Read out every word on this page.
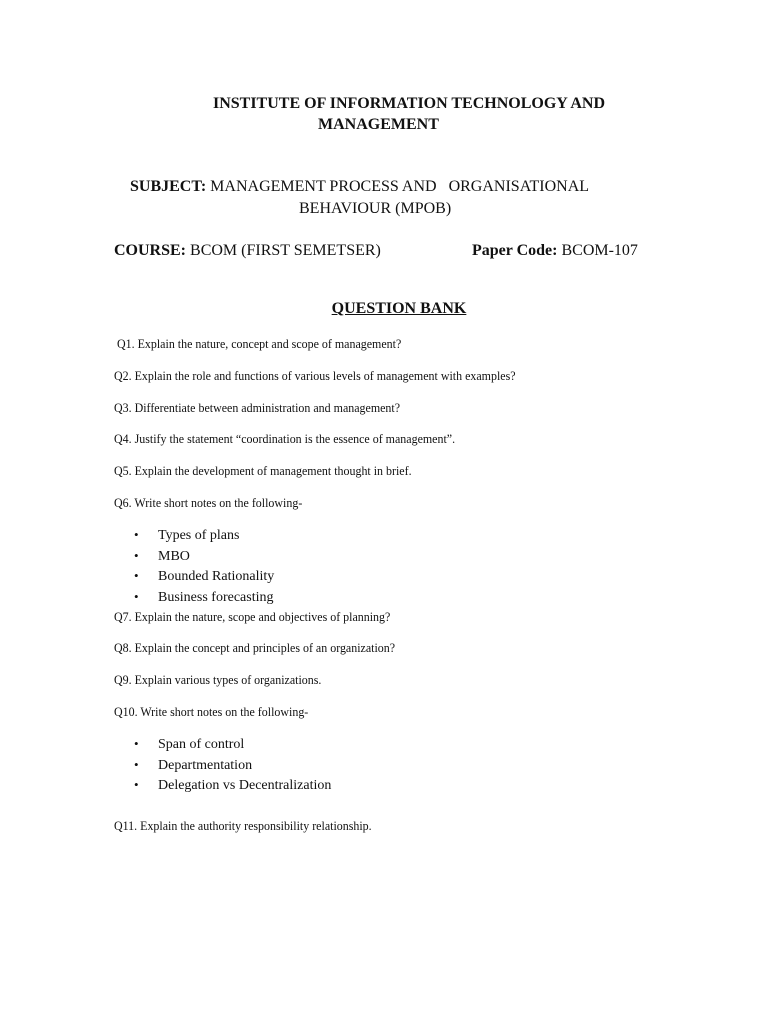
INSTITUTE OF INFORMATION TECHNOLOGY AND
MANAGEMENT
SUBJECT: MANAGEMENT PROCESS AND   ORGANISATIONAL
BEHAVIOUR (MPOB)
COURSE: BCOM (FIRST SEMETSER)	Paper Code: BCOM-107
QUESTION BANK
Q1. Explain the nature, concept and scope of management?
Q2. Explain the role and functions of various levels of management with examples?
Q3. Differentiate between administration and management?
Q4. Justify the statement “coordination is the essence of management”.
Q5. Explain the development of management thought in brief.
Q6. Write short notes on the following-
• Types of plans
• MBO
• Bounded Rationality
• Business forecasting
Q7. Explain the nature, scope and objectives of planning?
Q8. Explain the concept and principles of an organization?
Q9. Explain various types of organizations.
Q10. Write short notes on the following-
• Span of control
• Departmentation
• Delegation vs Decentralization
Q11. Explain the authority responsibility relationship.
